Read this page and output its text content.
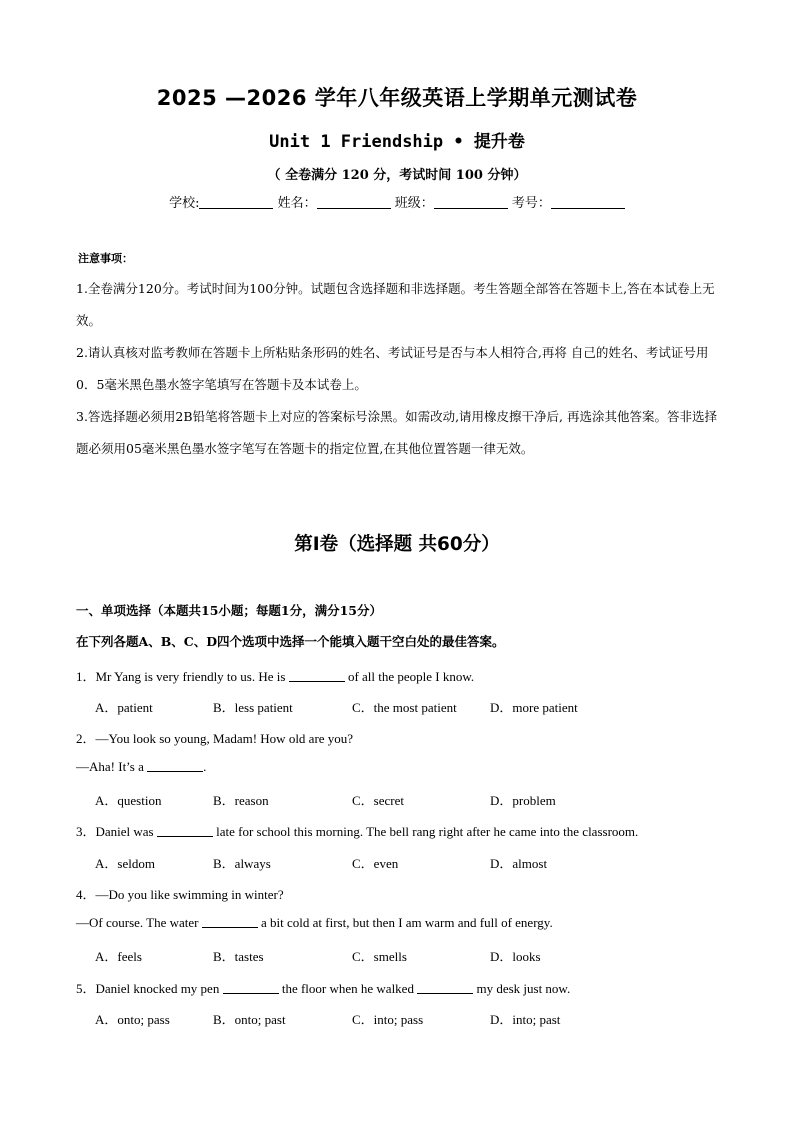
2025 —2026 学年八年级英语上学期单元测试卷
Unit 1 Friendship • 提升卷
（ 全卷满分 120 分，考试时间 100 分钟）
学校:	姓名：	班级：	考号：
注意事项：
1.全卷满分120分。考试时间为100分钟。试题包含选择题和非选择题。考生答题全部答在答题卡上,答在本试卷上无效。
2.请认真核对监考教师在答题卡上所粘贴条形码的姓名、考试证号是否与本人相符合,再将 自己的姓名、考试证号用0．5毫米黑色墨水签字笔填写在答题卡及本试卷上。
3.答选择题必须用2B铅笔将答题卡上对应的答案标号涂黑。如需改动,请用橡皮擦干净后, 再选涂其他答案。答非选择题必须用05毫米黑色墨水签字笔写在答题卡的指定位置,在其他位置答题一律无效。
第Ⅰ卷（选择题 共60分）
一、单项选择（本题共15小题；每题1分，满分15分）
在下列各题A、B、C、D四个选项中选择一个能填入题干空白处的最佳答案。
1．Mr Yang is very friendly to us. He is	of all the people I know.
A．patient	B．less patient	C．the most patient	D．more patient
2．—You look so young, Madam! How old are you?
—Aha! It’s a	.
A．question	B．reason	C．secret	D．problem
3．Daniel was	late for school this morning. The bell rang right after he came into the classroom.
A．seldom	B．always	C．even	D．almost
4．—Do you like swimming in winter?
—Of course. The water	a bit cold at first, but then I am warm and full of energy.
A．feels	B．tastes	C．smells	D．looks
5．Daniel knocked my pen	the floor when he walked	my desk just now.
A．onto; pass	B．onto; past	C．into; pass	D．into; past
